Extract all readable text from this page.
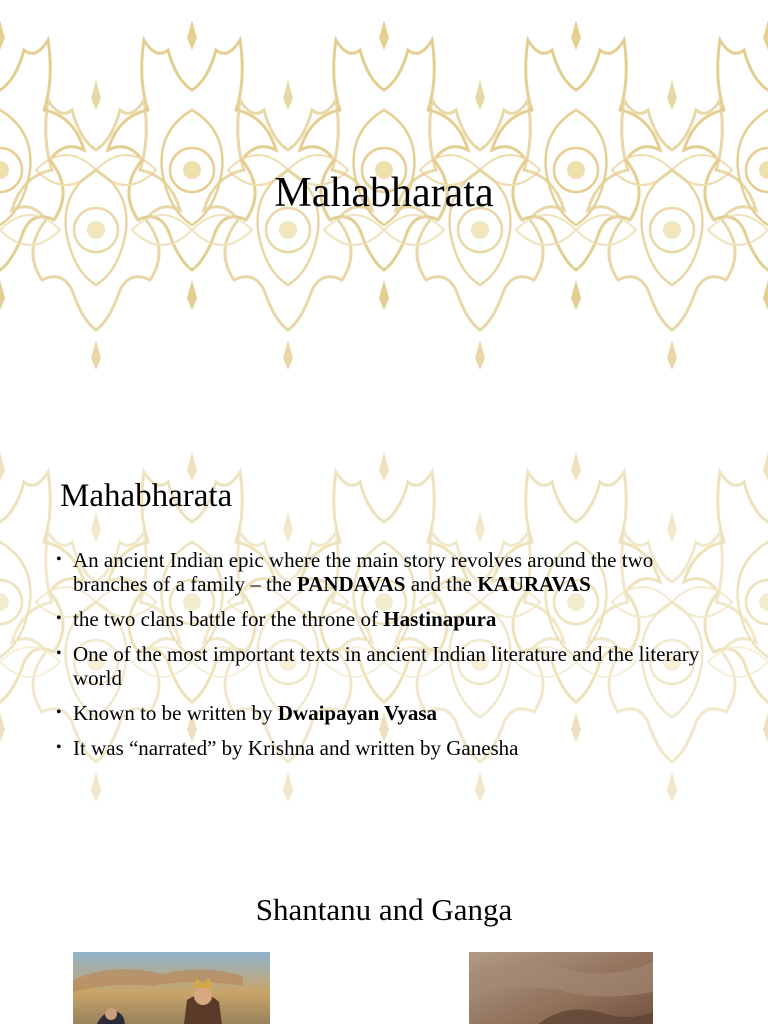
Mahabharata
Mahabharata
• An ancient Indian epic where the main story revolves around the two branches of a family – the PANDAVAS and the KAURAVAS
• the two clans battle for the throne of Hastinapura
• One of the most important texts in ancient Indian literature and the literary world
• Known to be written by Dwaipayan Vyasa
• It was “narrated” by Krishna and written by Ganesha
Shantanu and Ganga
